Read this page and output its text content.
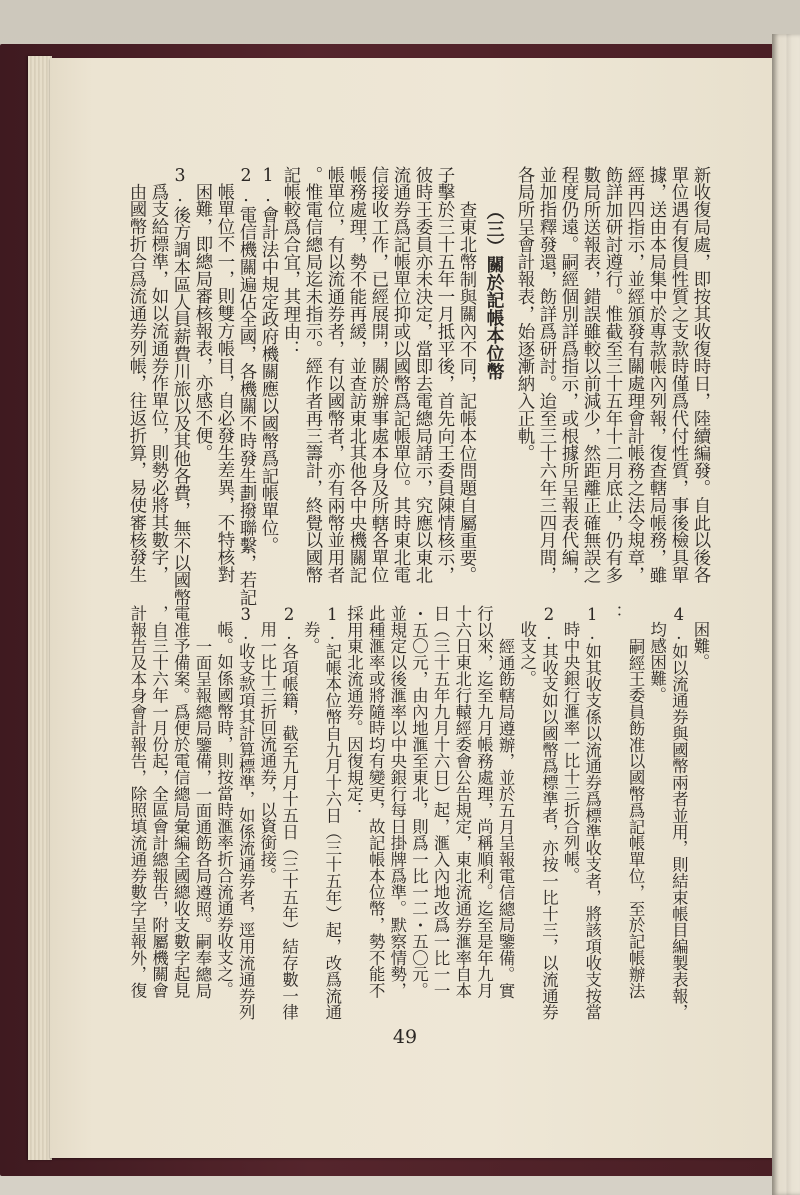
新收復局處，即按其收復時日，陸續編發。自此以後各
單位遇有復員性質之支款時僅爲代付性質，事後檢具單
據，送由本局集中於專款帳內列報，復查轄局帳務，雖
經再四指示，並經頒發有關處理會計帳務之法令規章，
飭詳加研討遵行。惟截至三十五年十二月底止，仍有多
數局所送報表，錯誤雖較以前減少，然距離正確無誤之
程度仍遠。嗣經個別詳爲指示，或根據所呈報表代編，
並加指釋發還，飭詳爲研討。迨至三十六年三四月間，
各局所呈會計報表，始逐漸納入正軌。
（三）關於記帳本位幣
查東北幣制與關內不同，記帳本位問題自屬重要。
子擊於三十五年一月抵平後，首先向王委員陳情核示，
彼時王委員亦未決定，當即去電總局請示，究應以東北
流通券爲記帳單位抑或以國幣爲記帳單位。其時東北電
信接收工作，已經展開，關於辦事處本身及所轄各單位
帳務處理，勢不能再緩，並查訪東北其他各中央機關記
帳單位，有以流通券者，有以國幣者，亦有兩幣並用者
。惟電信總局迄未指示。經作者再三籌計，終覺以國幣
記帳較爲合宜，其理由：
1.會計法中規定政府機關應以國幣爲記帳單位。
2.電信機關遍佔全國，各機關不時發生劃撥聯繫，若記
帳單位不一，則雙方帳目，自必發生差異，不特核對
困難，即總局審核報表，亦感不便。
3.後方調本區人員薪費川旅以及其他各費，無不以國幣
爲支給標準，如以流通券作單位，則勢必將其數字，
由國幣折合爲流通券列帳，往返折算，易使審核發生
困難。
4.如以流通券與國幣兩者並用，則結束帳目編製表報，
均感困難。
嗣經王委員飭准以國幣爲記帳單位，至於記帳辦法
：
1.如其收支係以流通券爲標準收支者，將該項收支按當
時中央銀行滙率一比十三折合列帳。
2.其收支如以國幣爲標準者，亦按一比十三，以流通券
收支之。
經通飭轄局遵辦，並於五月呈報電信總局鑒備。實
行以來，迄至九月帳務處理，尚稱順利。迄至是年九月
十六日東北行轅經委會公告規定，東北流通券滙率自本
日（三十五年九月十六日）起，滙入內地改爲一比一一
・五〇元，由內地滙至東北，則爲一比一二・五〇元。
並規定以後滙率以中央銀行每日掛牌爲準。默察情勢，
此種滙率或將隨時均有變更，故記帳本位幣，勢不能不
採用東北流通券。因復規定：
1.記帳本位幣自九月十六日（三十五年）起，改爲流通
券。
2.各項帳籍，截至九月十五日（三十五年）結存數一律
用一比十三折回流通券，以資銜接。
3.收支款項其計算標準，如係流通券者，逕用流通券列
帳。如係國幣時，則按當時滙率折合流通券收支之。
一面呈報總局鑒備，一面通飭各局遵照。嗣奉總局
電准予備案。爲便於電信總局彙編全國總收支數字起見
，自三十六年一月份起，全區會計總報告，附屬機關會
計報告及本身會計報告，除照填流通券數字呈報外，復
49
